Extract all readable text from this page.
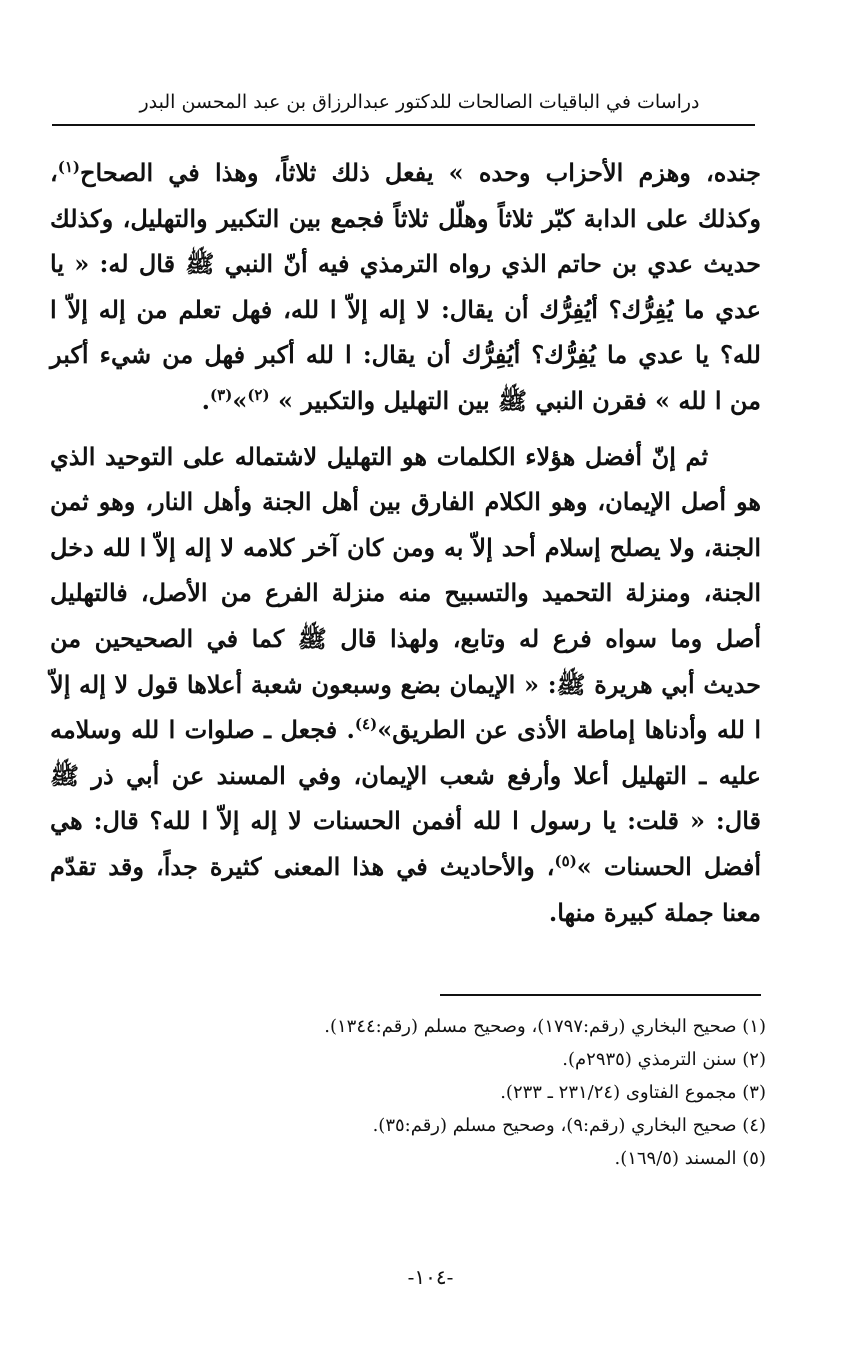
دراسات في الباقيات الصالحات للدكتور عبدالرزاق بن عبد المحسن البدر

جنده، وهزم الأحزاب وحده » يفعل ذلك ثلاثاً، وهذا في الصحاح$^{(١)}$، وكذلك على الدابة كبّر ثلاثاً وهلّل ثلاثاً فجمع بين التكبير والتهليل، وكذلك حديث عدي بن حاتم الذي رواه الترمذي فيه أنّ النبي ﷺ قال له: « يا عدي ما يُفِرُّك؟ أيُفِرُّك أن يقال: لا إله إلاّ ا لله، فهل تعلم من إله إلاّ ا لله؟ يا عدي ما يُفِرُّك؟ أيُفِرُّك أن يقال: ا لله أكبر فهل من شيء أكبر من ا لله » فقرن النبي ﷺ بين التهليل والتكبير » $^{(٢)}$»$^{(٣)}$.

ثم إنّ أفضل هؤلاء الكلمات هو التهليل لاشتماله على التوحيد الذي هو أصل الإيمان، وهو الكلام الفارق بين أهل الجنة وأهل النار، وهو ثمن الجنة، ولا يصلح إسلام أحد إلاّ به ومن كان آخر كلامه لا إله إلاّ ا لله دخل الجنة، ومنزلة التحميد والتسبيح منه منزلة الفرع من الأصل، فالتهليل أصل وما سواه فرع له وتابع، ولهذا قال ﷺ كما في الصحيحين من حديث أبي هريرة ﷺ: « الإيمان بضع وسبعون شعبة أعلاها قول لا إله إلاّ ا لله وأدناها إماطة الأذى عن الطريق»$^{(٤)}$. فجعل ـ صلوات ا لله وسلامه عليه ـ التهليل أعلا وأرفع شعب الإيمان، وفي المسند عن أبي ذر ﷺ قال: « قلت: يا رسول ا لله أفمن الحسنات لا إله إلاّ ا لله؟ قال: هي أفضل الحسنات »$^{(٥)}$، والأحاديث في هذا المعنى كثيرة جداً، وقد تقدّم معنا جملة كبيرة منها.

(١) صحيح البخاري (رقم:١٧٩٧)، وصحيح مسلم (رقم:١٣٤٤).
(٢) سنن الترمذي (٢٩٣٥م).
(٣) مجموع الفتاوى (٢٣١/٢٤ ـ ٢٣٣).
(٤) صحيح البخاري (رقم:٩)، وصحيح مسلم (رقم:٣٥).
(٥) المسند (١٦٩/٥).
-١٠٤-
